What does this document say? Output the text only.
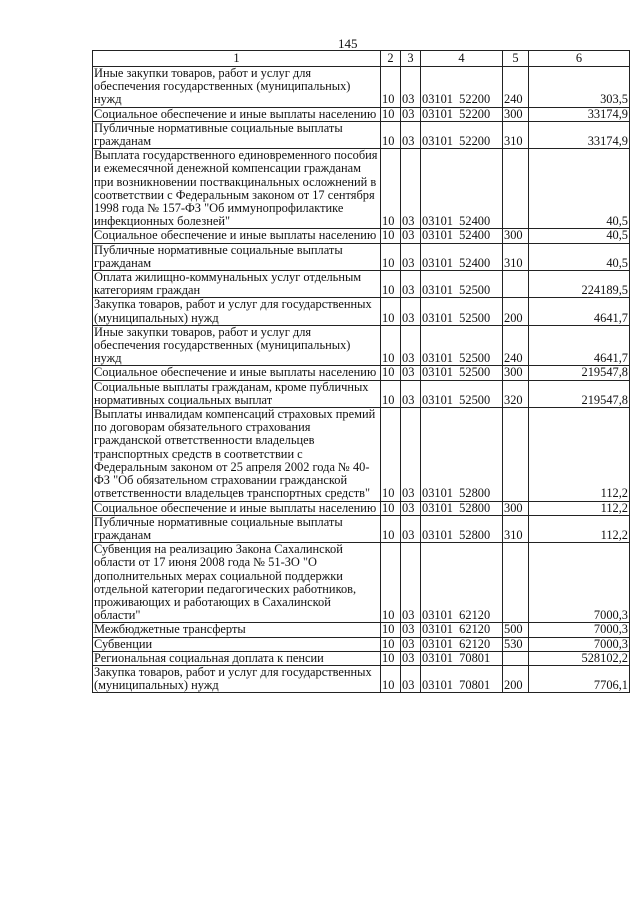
145
1	2	3	4	5	6
Иные закупки товаров, работ и услуг для обеспечения государственных (муниципальных) нужд	10	03	03101  52200	240	303,5
Социальное обеспечение и иные выплаты населению	10	03	03101  52200	300	33174,9
Публичные нормативные социальные выплаты гражданам	10	03	03101  52200	310	33174,9
Выплата государственного единовременного пособия и ежемесячной денежной компенсации гражданам при возникновении поствакцинальных осложнений в соответствии с Федеральным законом от 17 сентября 1998 года № 157-ФЗ "Об иммунопрофилактике инфекционных болезней"	10	03	03101  52400		40,5
Социальное обеспечение и иные выплаты населению	10	03	03101  52400	300	40,5
Публичные нормативные социальные выплаты гражданам	10	03	03101  52400	310	40,5
Оплата жилищно-коммунальных услуг отдельным категориям граждан	10	03	03101  52500		224189,5
Закупка товаров, работ и услуг для государственных (муниципальных) нужд	10	03	03101  52500	200	4641,7
Иные закупки товаров, работ и услуг для обеспечения государственных (муниципальных) нужд	10	03	03101  52500	240	4641,7
Социальное обеспечение и иные выплаты населению	10	03	03101  52500	300	219547,8
Социальные выплаты гражданам, кроме публичных нормативных социальных выплат	10	03	03101  52500	320	219547,8
Выплаты инвалидам компенсаций страховых премий по договорам обязательного страхования гражданской ответственности владельцев транспортных средств в соответствии с Федеральным законом от 25 апреля 2002 года № 40-ФЗ "Об обязательном страховании гражданской ответственности владельцев транспортных средств"	10	03	03101  52800		112,2
Социальное обеспечение и иные выплаты населению	10	03	03101  52800	300	112,2
Публичные нормативные социальные выплаты гражданам	10	03	03101  52800	310	112,2
Субвенция на реализацию Закона Сахалинской области от 17 июня 2008 года № 51-ЗО "О дополнительных мерах социальной поддержки отдельной категории педагогических работников, проживающих и работающих в Сахалинской области"	10	03	03101  62120		7000,3
Межбюджетные трансферты	10	03	03101  62120	500	7000,3
Субвенции	10	03	03101  62120	530	7000,3
Региональная социальная доплата к пенсии	10	03	03101  70801		528102,2
Закупка товаров, работ и услуг для государственных (муниципальных) нужд	10	03	03101  70801	200	7706,1
